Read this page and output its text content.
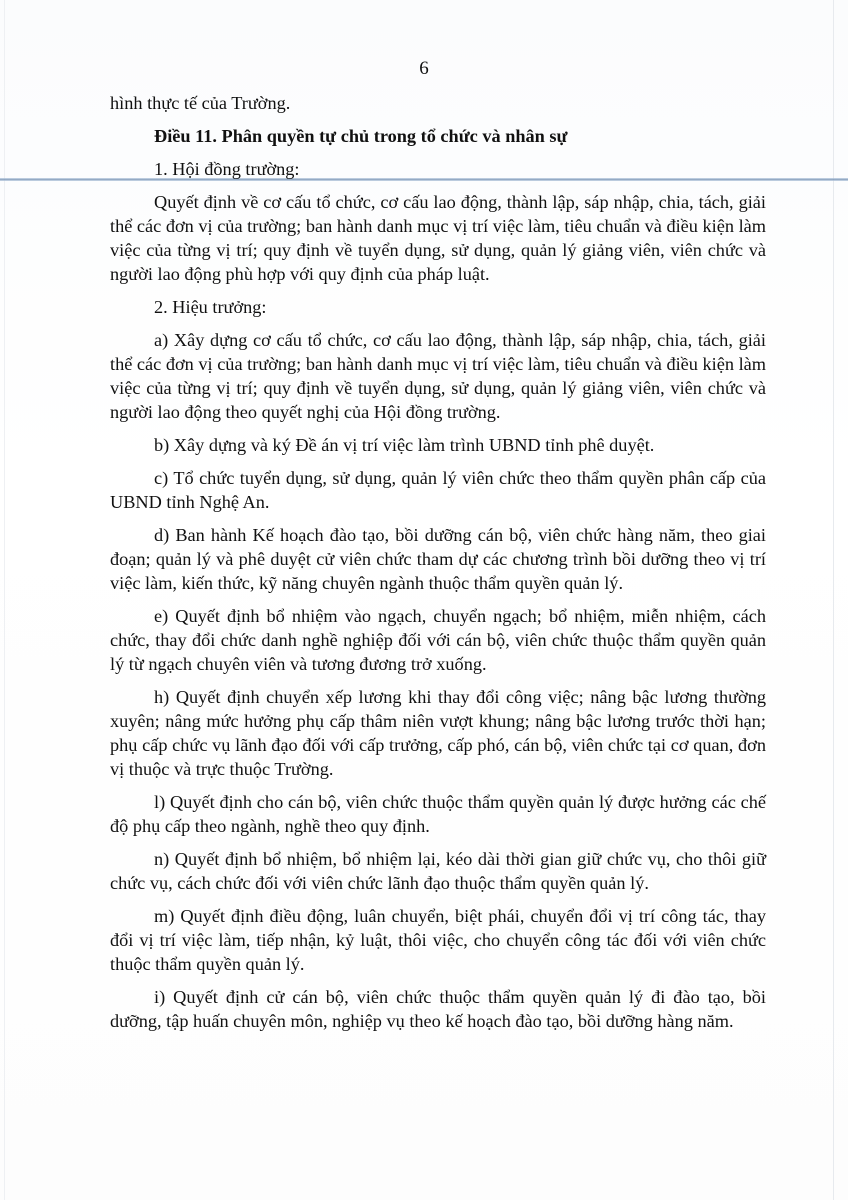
6

hình thực tế của Trường.

Điều 11. Phân quyền tự chủ trong tổ chức và nhân sự

1. Hội đồng trường:

Quyết định về cơ cấu tổ chức, cơ cấu lao động, thành lập, sáp nhập, chia, tách, giải thể các đơn vị của trường; ban hành danh mục vị trí việc làm, tiêu chuẩn và điều kiện làm việc của từng vị trí; quy định về tuyển dụng, sử dụng, quản lý giảng viên, viên chức và người lao động phù hợp với quy định của pháp luật.

2. Hiệu trưởng:

a) Xây dựng cơ cấu tổ chức, cơ cấu lao động, thành lập, sáp nhập, chia, tách, giải thể các đơn vị của trường; ban hành danh mục vị trí việc làm, tiêu chuẩn và điều kiện làm việc của từng vị trí; quy định về tuyển dụng, sử dụng, quản lý giảng viên, viên chức và người lao động theo quyết nghị của Hội đồng trường.

b) Xây dựng và ký Đề án vị trí việc làm trình UBND tỉnh phê duyệt.

c) Tổ chức tuyển dụng, sử dụng, quản lý viên chức theo thẩm quyền phân cấp của UBND tỉnh Nghệ An.

d) Ban hành Kế hoạch đào tạo, bồi dưỡng cán bộ, viên chức hàng năm, theo giai đoạn; quản lý và phê duyệt cử viên chức tham dự các chương trình bồi dưỡng theo vị trí việc làm, kiến thức, kỹ năng chuyên ngành thuộc thẩm quyền quản lý.

e) Quyết định bổ nhiệm vào ngạch, chuyển ngạch; bổ nhiệm, miễn nhiệm, cách chức, thay đổi chức danh nghề nghiệp đối với cán bộ, viên chức thuộc thẩm quyền quản lý từ ngạch chuyên viên và tương đương trở xuống.

h) Quyết định chuyển xếp lương khi thay đổi công việc; nâng bậc lương thường xuyên; nâng mức hưởng phụ cấp thâm niên vượt khung; nâng bậc lương trước thời hạn; phụ cấp chức vụ lãnh đạo đối với cấp trưởng, cấp phó, cán bộ, viên chức tại cơ quan, đơn vị thuộc và trực thuộc Trường.

l) Quyết định cho cán bộ, viên chức thuộc thẩm quyền quản lý được hưởng các chế độ phụ cấp theo ngành, nghề theo quy định.

n) Quyết định bổ nhiệm, bổ nhiệm lại, kéo dài thời gian giữ chức vụ, cho thôi giữ chức vụ, cách chức đối với viên chức lãnh đạo thuộc thẩm quyền quản lý.

m) Quyết định điều động, luân chuyển, biệt phái, chuyển đổi vị trí công tác, thay đổi vị trí việc làm, tiếp nhận, kỷ luật, thôi việc, cho chuyển công tác đối với viên chức thuộc thẩm quyền quản lý.

i) Quyết định cử cán bộ, viên chức thuộc thẩm quyền quản lý đi đào tạo, bồi dưỡng, tập huấn chuyên môn, nghiệp vụ theo kế hoạch đào tạo, bồi dưỡng hàng năm.
